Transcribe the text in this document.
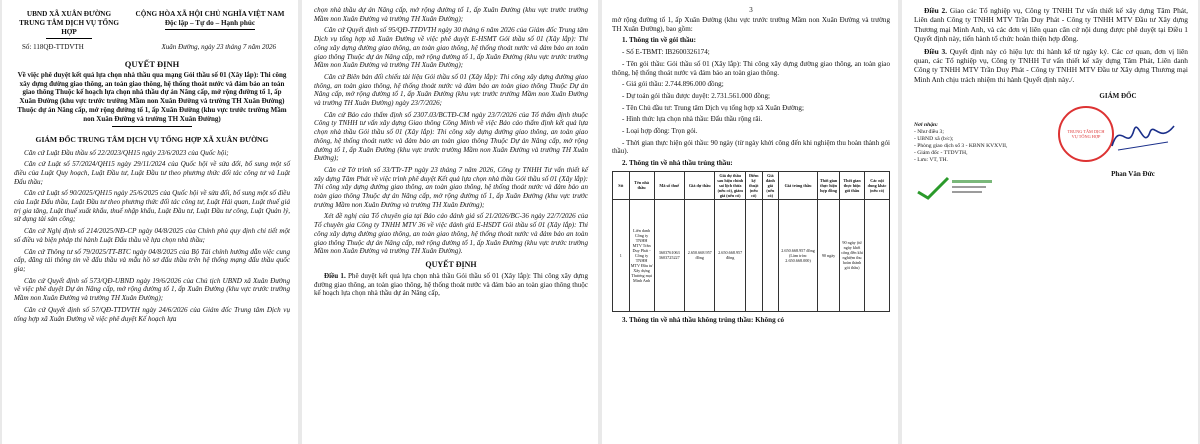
UBND XÃ XUÂN ĐƯỜNG
TRUNG TÂM DỊCH VỤ TỔNG HỢP
CỘNG HÒA XÃ HỘI CHỦ NGHĨA VIỆT NAM
Độc lập – Tự do – Hạnh phúc
Số: 118QĐ-TTDVTH	Xuân Đường, ngày 23 tháng 7 năm 2026
QUYẾT ĐỊNH
Về việc phê duyệt kết quả lựa chọn nhà thầu qua mạng Gói thầu số 01 (Xây lắp): Thi công xây dựng đường giao thông, an toàn giao thông, hệ thống thoát nước và đảm bảo an toàn giao thông Thuộc kế hoạch lựa chọn nhà thầu dự án Nâng cấp, mở rộng đường tổ 1, ấp Xuân Đường (khu vực trước trường Mầm non Xuân Đường và trường TH Xuân Đường)
Thuộc dự án Nâng cấp, mở rộng đường tổ 1, ấp Xuân Đường (khu vực trước trường Mầm non Xuân Đường và trường TH Xuân Đường)
GIÁM ĐỐC TRUNG TÂM DỊCH VỤ TỔNG HỢP XÃ XUÂN ĐƯỜNG

Căn cứ Luật Đầu thầu số 22/2023/QH15 ngày 23/6/2023 của Quốc hội;

Căn cứ Luật số 57/2024/QH15 ngày 29/11/2024 của Quốc hội về sửa đổi, bổ sung một số điều của Luật Quy hoạch, Luật Đầu tư, Luật Đầu tư theo phương thức đối tác công tư và Luật Đấu thầu;

Căn cứ Luật số 90/2025/QH15 ngày 25/6/2025 của Quốc hội về sửa đổi, bổ sung một số điều của Luật Đấu thầu, Luật Đầu tư theo phương thức đối tác công tư, Luật Hải quan, Luật thuế giá trị gia tăng, Luật thuế xuất khẩu, thuế nhập khẩu, Luật Đầu tư, Luật Đầu tư công, Luật Quản lý, sử dụng tài sản công;

Căn cứ Nghị định số 214/2025/NĐ-CP ngày 04/8/2025 của Chính phủ quy định chi tiết một số điều và biện pháp thi hành Luật Đấu thầu về lựa chọn nhà thầu;

Căn cứ Thông tư số 79/2025/TT-BTC ngày 04/8/2025 của Bộ Tài chính hướng dẫn việc cung cấp, đăng tải thông tin về đấu thầu và mẫu hồ sơ đấu thầu trên hệ thống mạng đấu thầu quốc gia;

Căn cứ Quyết định số 573/QĐ-UBND ngày 19/6/2026 của Chủ tịch UBND xã Xuân Đường về việc phê duyệt Dự án Nâng cấp, mở rộng đường tổ 1, ấp Xuân Đường (khu vực trước trường Mầm non Xuân Đường và trường TH Xuân Đường);

Căn cứ Quyết định số 57/QĐ-TTDVTH ngày 24/6/2026 của Giám đốc Trung tâm Dịch vụ tổng hợp xã Xuân Đường về việc phê duyệt Kế hoạch lựa

chọn nhà thầu dự án Nâng cấp, mở rộng đường tổ 1, ấp Xuân Đường (khu vực trước trường Mầm non Xuân Đường và trường TH Xuân Đường);

Căn cứ Quyết định số 95/QĐ-TTDVTH ngày 30 tháng 6 năm 2026 của Giám đốc Trung tâm Dịch vụ tổng hợp xã Xuân Đường về việc phê duyệt E-HSMT Gói thầu số 01 (Xây lắp): Thi công xây dựng đường giao thông, an toàn giao thông, hệ thống thoát nước và đảm bảo an toàn giao thông Thuộc dự án Nâng cấp, mở rộng đường tổ 1, ấp Xuân Đường (khu vực trước trường Mầm non Xuân Đường và trường TH Xuân Đường);

Căn cứ Biên bản đối chiếu tài liệu Gói thầu số 01 (Xây lắp): Thi công xây dựng đường giao thông, an toàn giao thông, hệ thống thoát nước và đảm bảo an toàn giao thông Thuộc Dự án Nâng cấp, mở rộng đường tổ 1, ấp Xuân Đường (khu vực trước trường Mầm non Xuân Đường và trường TH Xuân Đường) ngày 23/7/2026;

Căn cứ Báo cáo thẩm định số 2307.03/BCTĐ-CM ngày 23/7/2026 của Tổ thẩm định thuộc Công ty TNHH tư vấn xây dựng Giao thông Công Minh về việc Báo cáo thẩm định kết quả lựa chọn nhà thầu Gói thầu số 01 (Xây lắp): Thi công xây dựng đường giao thông, an toàn giao thông, hệ thống thoát nước và đảm bảo an toàn giao thông Thuộc Dự án Nâng cấp, mở rộng đường tổ 1, ấp Xuân Đường (khu vực trước trường Mầm non Xuân Đường và trường TH Xuân Đường);

Căn cứ Tờ trình số 33/TTr-TP ngày 23 tháng 7 năm 2026, Công ty TNHH Tư vấn thiết kế xây dựng Tâm Phát về việc trình phê duyệt Kết quả lựa chọn nhà thầu Gói thầu số 01 (Xây lắp): Thi công xây dựng đường giao thông, an toàn giao thông, hệ thống thoát nước và đảm bảo an toàn giao thông Thuộc dự án Nâng cấp, mở rộng đường tổ 1, ấp Xuân Đường (khu vực trước trường Mầm non Xuân Đường và trường TH Xuân Đường);

Xét đề nghị của Tổ chuyên gia tại Báo cáo đánh giá số 21/2026/BC-36 ngày 22/7/2026 của Tổ chuyên gia Công ty TNHH MTV 36 về việc đánh giá E-HSDT Gói thầu số 01 (Xây lắp): Thi công xây dựng đường giao thông, an toàn giao thông, hệ thống thoát nước và đảm bảo an toàn giao thông Thuộc dự án Nâng cấp, mở rộng đường tổ 1, ấp Xuân Đường (khu vực trước trường Mầm non Xuân Đường và trường TH Xuân Đường).

QUYẾT ĐỊNH

Điều 1. Phê duyệt kết quả lựa chọn nhà thầu Gói thầu số 01 (Xây lắp): Thi công xây dựng đường giao thông, an toàn giao thông, hệ thống thoát nước và đảm bảo an toàn giao thông thuộc kế hoạch lựa chọn nhà thầu dự án Nâng cấp,

3

mở rộng đường tổ 1, ấp Xuân Đường (khu vực trước trường Mầm non Xuân Đường và trường TH Xuân Đường), bao gồm:

1. Thông tin về gói thầu:

- Số E-TBMT: IB2600326174;

- Tên gói thầu: Gói thầu số 01 (Xây lắp): Thi công xây dựng đường giao thông, an toàn giao thông, hệ thống thoát nước và đảm bảo an toàn giao thông.

- Giá gói thầu: 2.744.896.000 đồng;

- Dự toán gói thầu được duyệt: 2.731.561.000 đồng;

- Tên Chủ đầu tư: Trung tâm Dịch vụ tổng hợp xã Xuân Đường;

- Hình thức lựa chọn nhà thầu: Đấu thầu rộng rãi.

- Loại hợp đồng: Trọn gói.

- Thời gian thực hiện gói thầu: 90 ngày (từ ngày khởi công đến khi nghiệm thu hoàn thành gói thầu).

2. Thông tin về nhà thầu trúng thầu:

Stt	Tên nhà thầu	Mã số thuế	Giá dự thầu	Giá dự thầu sau hiệu chỉnh sai lệch thừa (nếu có), giảm giá (nếu có)	Điểm kỹ thuật (nếu có)	Giá đánh giá (nếu có)	Giá trúng thầu	Thời gian thực hiện hợp đồng	Thời gian thực hiện gói thầu	Các nội dung khác (nếu có)
1	Liên danh Công ty TNHH MTV Trần Duy Phát - Công ty TNHH MTV Đầu tư Xây dựng Thương mại Minh Anh	3603761063 3603725227	2.650.668.957 đồng	2.650.668.957 đồng			2.650.668.957 đồng (Làm tròn: 2.650.668.000)	90 ngày	90 ngày (từ ngày khởi công đến khi nghiệm thu hoàn thành gói thầu)	

3. Thông tin về nhà thầu không trúng thầu: Không có

Điều 2. Giao các Tổ nghiệp vụ, Công ty TNHH Tư vấn thiết kế xây dựng Tâm Phát, Liên danh Công ty TNHH MTV Trần Duy Phát - Công ty TNHH MTV Đầu tư Xây dựng Thương mại Minh Anh, và các đơn vị liên quan căn cứ nội dung được phê duyệt tại Điều 1 Quyết định này, tiến hành tổ chức hoàn thiện hợp đồng.

Điều 3. Quyết định này có hiệu lực thi hành kể từ ngày ký. Các cơ quan, đơn vị liên quan, các Tổ nghiệp vụ, Công ty TNHH Tư vấn thiết kế xây dựng Tâm Phát, Liên danh Công ty TNHH MTV Trần Duy Phát - Công ty TNHH MTV Đầu tư Xây dựng Thương mại Minh Anh chịu trách nhiệm thi hành Quyết định này./.

Nơi nhận:
- Như điều 3;
- UBND xã (b/c);
- Phòng giao dịch số 3 - KBNN KVXVII,
- Giám đốc - TTDVTH,
- Lưu: VT, TH.
GIÁM ĐỐC
TRUNG TÂM DỊCH VỤ TỔNG HỢP
Phan Văn Đức
